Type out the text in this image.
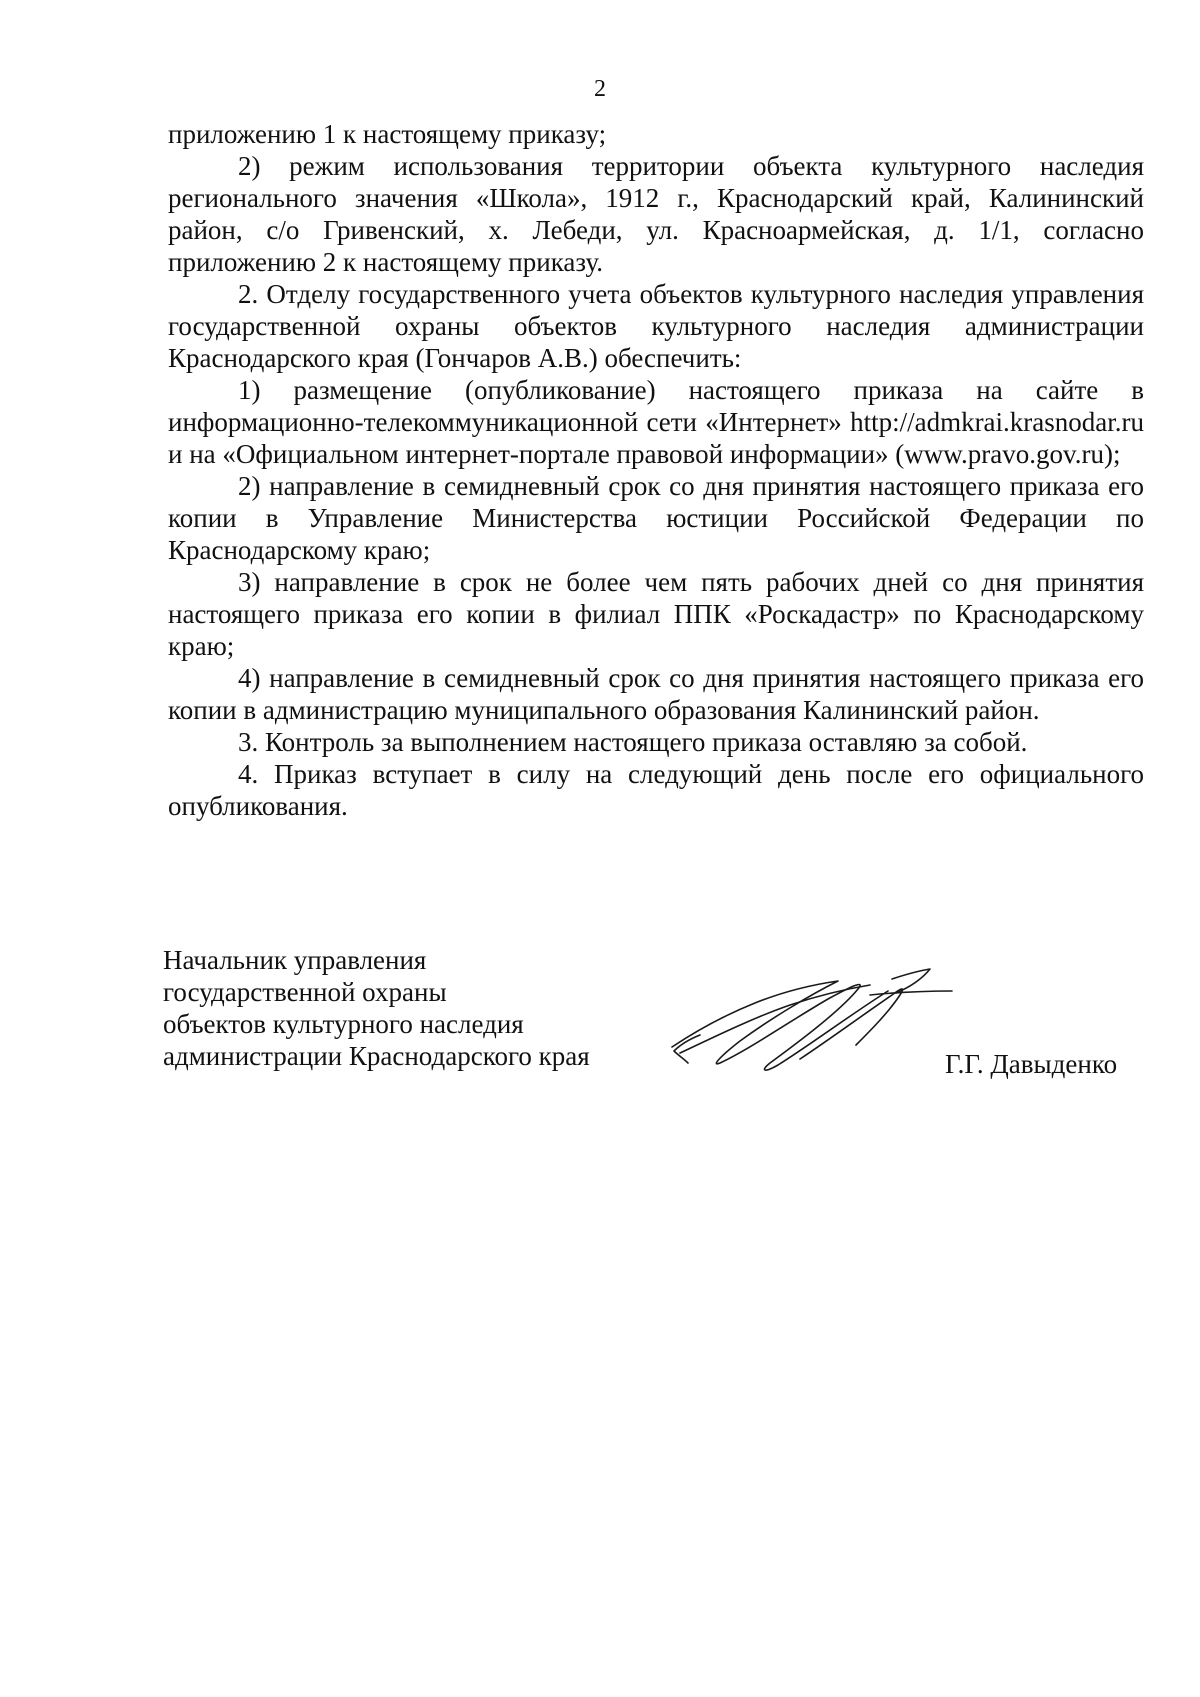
2

приложению 1 к настоящему приказу;

2) режим использования территории объекта культурного наследия регионального значения «Школа», 1912 г., Краснодарский край, Калининский район, с/о Гривенский, х. Лебеди, ул. Красноармейская, д. 1/1, согласно приложению 2 к настоящему приказу.

2. Отделу государственного учета объектов культурного наследия управления государственной охраны объектов культурного наследия администрации Краснодарского края (Гончаров А.В.) обеспечить:

1) размещение (опубликование) настоящего приказа на сайте в информационно-телекоммуникационной сети «Интернет» http://admkrai.krasnodar.ru и на «Официальном интернет-портале правовой информации» (www.pravo.gov.ru);

2) направление в семидневный срок со дня принятия настоящего приказа его копии в Управление Министерства юстиции Российской Федерации по Краснодарскому краю;

3) направление в срок не более чем пять рабочих дней со дня принятия настоящего приказа его копии в филиал ППК «Роскадастр» по Краснодарскому краю;

4) направление в семидневный срок со дня принятия настоящего приказа его копии в администрацию муниципального образования Калининский район.

3. Контроль за выполнением настоящего приказа оставляю за собой.

4. Приказ вступает в силу на следующий день после его официального опубликования.

Начальник управления
государственной охраны
объектов культурного наследия
администрации Краснодарского края	Г.Г. Давыденко
